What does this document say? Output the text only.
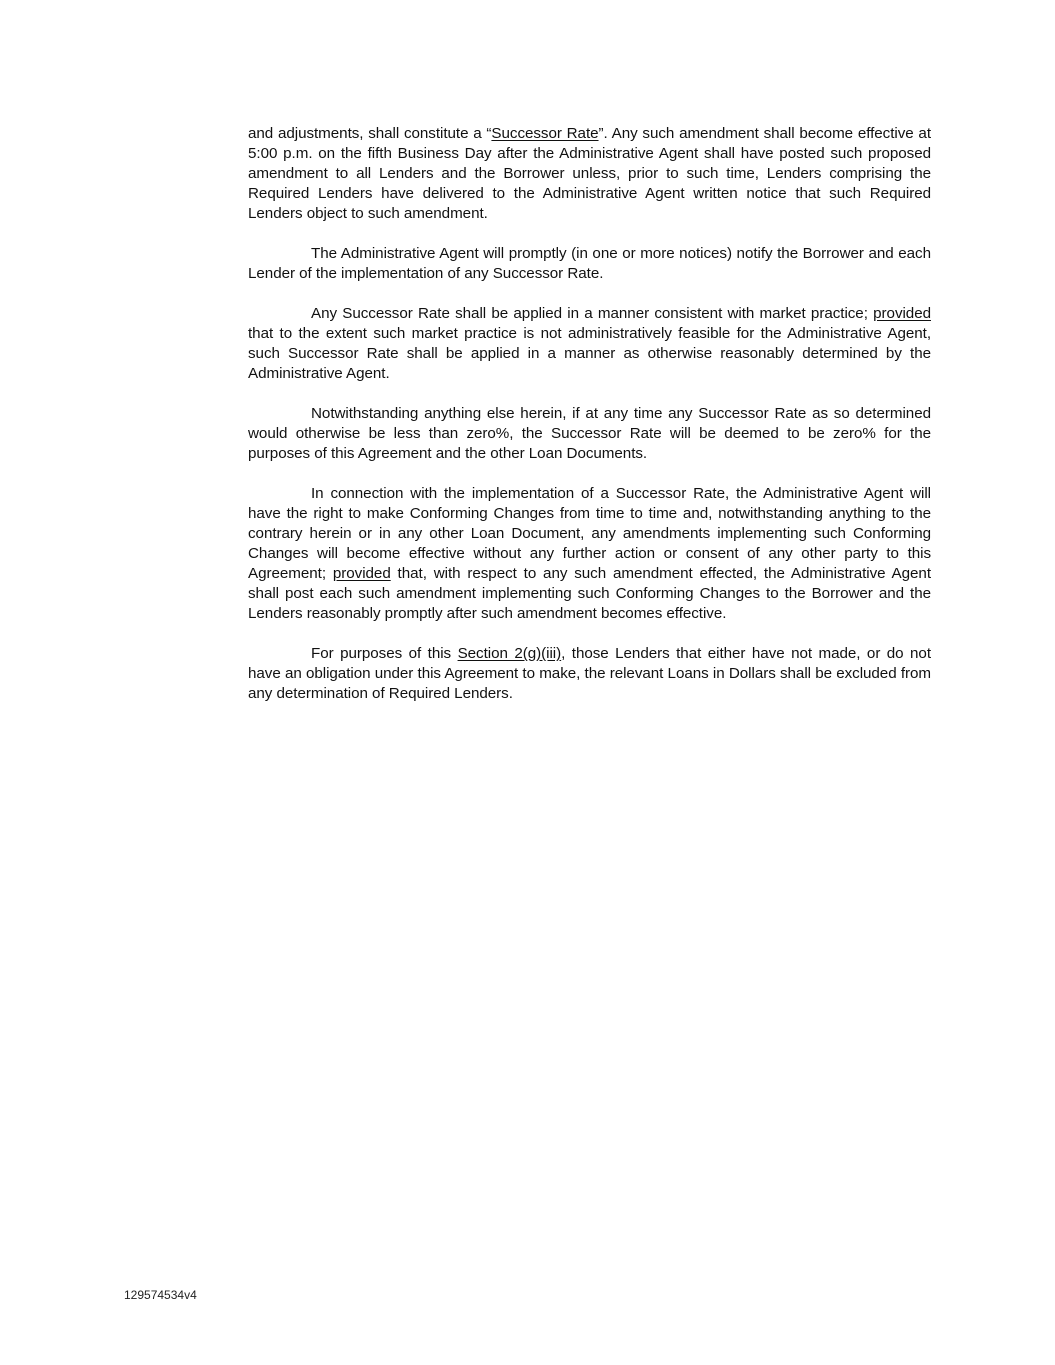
and adjustments, shall constitute a “Successor Rate”. Any such amendment shall become effective at 5:00 p.m. on the fifth Business Day after the Administrative Agent shall have posted such proposed amendment to all Lenders and the Borrower unless, prior to such time, Lenders comprising the Required Lenders have delivered to the Administrative Agent written notice that such Required Lenders object to such amendment.

The Administrative Agent will promptly (in one or more notices) notify the Borrower and each Lender of the implementation of any Successor Rate.

Any Successor Rate shall be applied in a manner consistent with market practice; provided that to the extent such market practice is not administratively feasible for the Administrative Agent, such Successor Rate shall be applied in a manner as otherwise reasonably determined by the Administrative Agent.

Notwithstanding anything else herein, if at any time any Successor Rate as so determined would otherwise be less than zero%, the Successor Rate will be deemed to be zero% for the purposes of this Agreement and the other Loan Documents.

In connection with the implementation of a Successor Rate, the Administrative Agent will have the right to make Conforming Changes from time to time and, notwithstanding anything to the contrary herein or in any other Loan Document, any amendments implementing such Conforming Changes will become effective without any further action or consent of any other party to this Agreement; provided that, with respect to any such amendment effected, the Administrative Agent shall post each such amendment implementing such Conforming Changes to the Borrower and the Lenders reasonably promptly after such amendment becomes effective.

For purposes of this Section 2(g)(iii), those Lenders that either have not made, or do not have an obligation under this Agreement to make, the relevant Loans in Dollars shall be excluded from any determination of Required Lenders.

129574534v4
